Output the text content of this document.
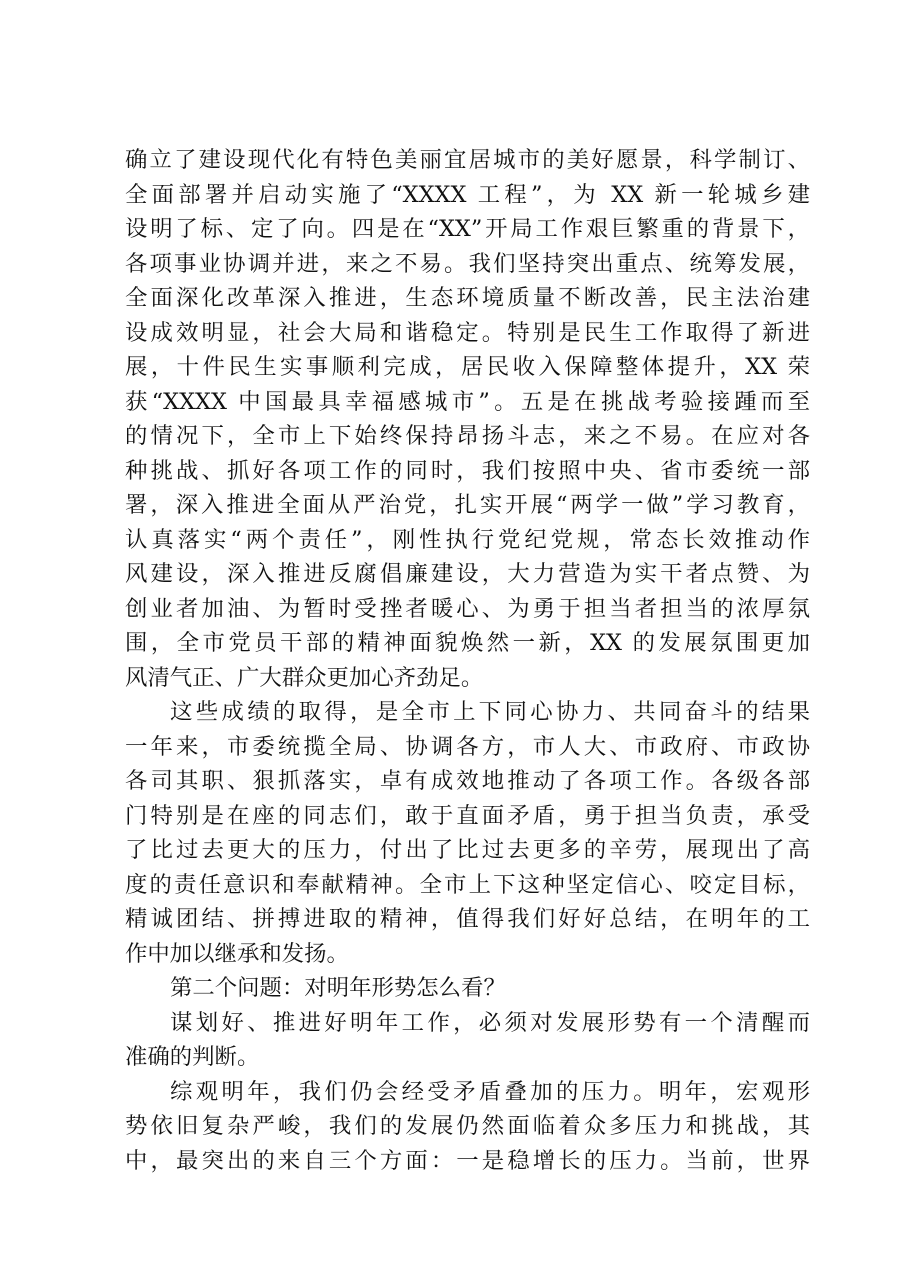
确立了建设现代化有特色美丽宜居城市的美好愿景，科学制订、
全面部署并启动实施了“XXXX 工程”，为 XX 新一轮城乡建
设明了标、定了向。四是在“XX”开局工作艰巨繁重的背景下，
各项事业协调并进，来之不易。我们坚持突出重点、统筹发展，
全面深化改革深入推进，生态环境质量不断改善，民主法治建
设成效明显，社会大局和谐稳定。特别是民生工作取得了新进
展，十件民生实事顺利完成，居民收入保障整体提升，XX 荣
获“XXXX 中国最具幸福感城市”。五是在挑战考验接踵而至
的情况下，全市上下始终保持昂扬斗志，来之不易。在应对各
种挑战、抓好各项工作的同时，我们按照中央、省市委统一部
署，深入推进全面从严治党，扎实开展“两学一做”学习教育，
认真落实“两个责任”，刚性执行党纪党规，常态长效推动作
风建设，深入推进反腐倡廉建设，大力营造为实干者点赞、为
创业者加油、为暂时受挫者暖心、为勇于担当者担当的浓厚氛
围，全市党员干部的精神面貌焕然一新，XX 的发展氛围更加
风清气正、广大群众更加心齐劲足。
这些成绩的取得，是全市上下同心协力、共同奋斗的结果
一年来，市委统揽全局、协调各方，市人大、市政府、市政协
各司其职、狠抓落实，卓有成效地推动了各项工作。各级各部
门特别是在座的同志们，敢于直面矛盾，勇于担当负责，承受
了比过去更大的压力，付出了比过去更多的辛劳，展现出了高
度的责任意识和奉献精神。全市上下这种坚定信心、咬定目标，
精诚团结、拼搏进取的精神，值得我们好好总结，在明年的工
作中加以继承和发扬。
第二个问题：对明年形势怎么看？
谋划好、推进好明年工作，必须对发展形势有一个清醒而
准确的判断。
综观明年，我们仍会经受矛盾叠加的压力。明年，宏观形
势依旧复杂严峻，我们的发展仍然面临着众多压力和挑战，其
中，最突出的来自三个方面：一是稳增长的压力。当前，世界
